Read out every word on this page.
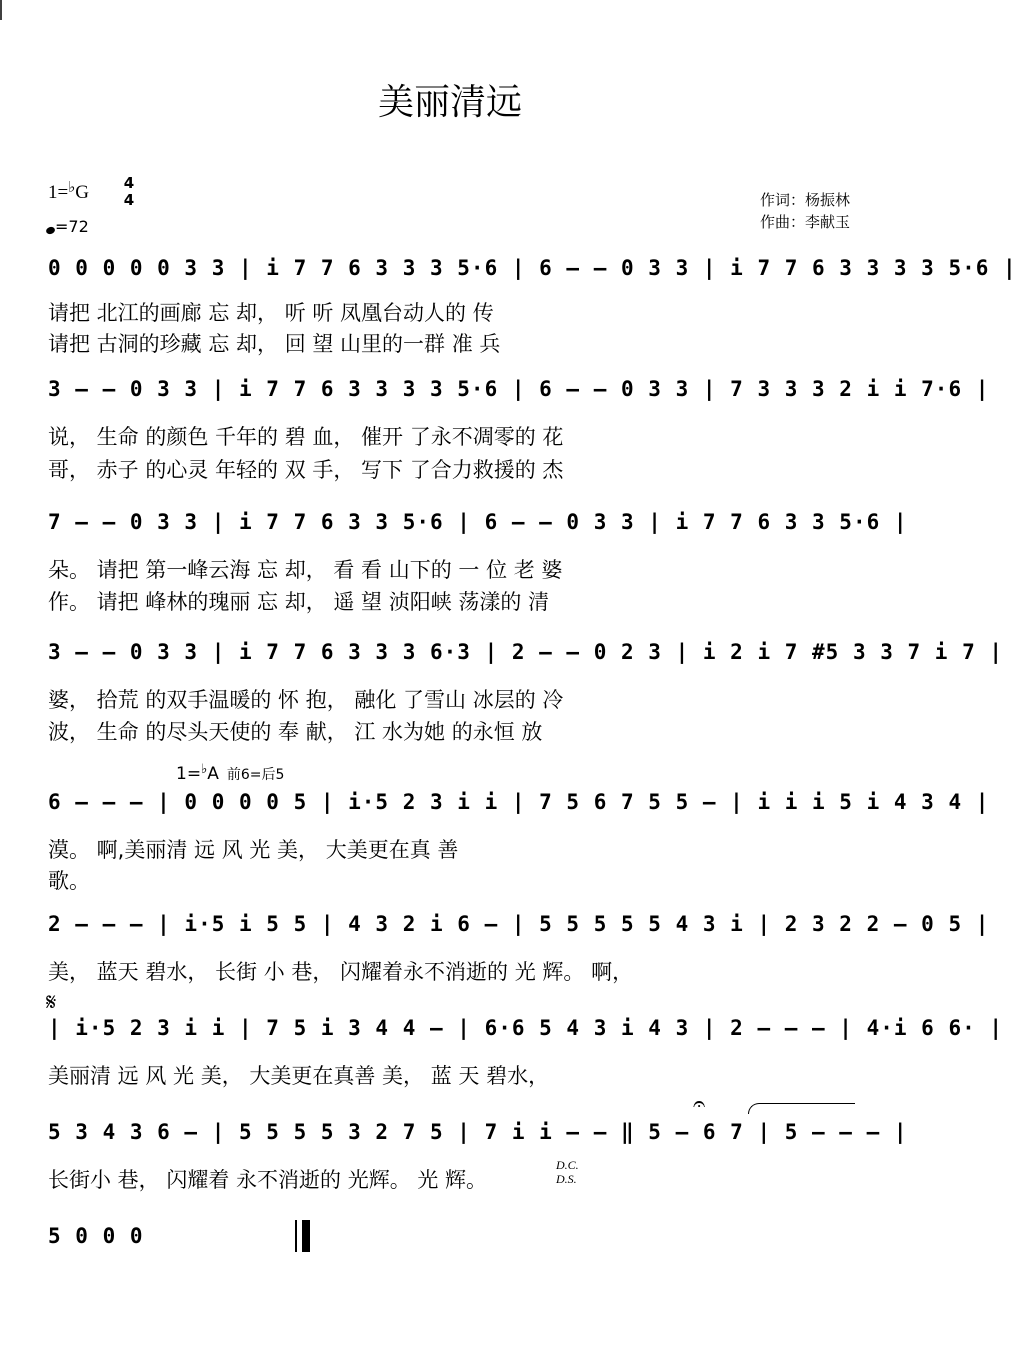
美丽清远
1=♭G 4
4
=72
作词：杨振林
作曲：李献玉
0 0 0 0 0 3 3 | i 7 7 6 3 3 3 5·6 | 6 – – 0 3 3 | i 7 7 6 3 3 3 3 5·6 |
请把 北江的画廊 忘 却， 听 听 凤凰台动人的 传
请把 古洞的珍藏 忘 却， 回 望 山里的一群 准 兵
3 – – 0 3 3 | i 7 7 6 3 3 3 3 5·6 | 6 – – 0 3 3 | 7 3 3 3 2 i i 7·6 |
说， 生命 的颜色 千年的 碧 血， 催开 了永不凋零的 花
哥， 赤子 的心灵 年轻的 双 手， 写下 了合力救援的 杰
7 – – 0 3 3 | i 7 7 6 3 3 5·6 | 6 – – 0 3 3 | i 7 7 6 3 3 5·6 |
朵。 请把 第一峰云海 忘 却， 看 看 山下的 一 位 老 婆
作。 请把 峰林的瑰丽 忘 却， 遥 望 浈阳峡 荡漾的 清
3 – – 0 3 3 | i 7 7 6 3 3 3 6·3 | 2 – – 0 2 3 | i 2 i 7 #5 3 3 7 i 7 |
婆， 拾荒 的双手温暖的 怀 抱， 融化 了雪山 冰层的 冷
波， 生命 的尽头天使的 奉 献， 江 水为她 的永恒 放
1=♭A 前6=后5
6 – – – | 0 0 0 0 5 | i·5 2 3 i i | 7 5 6 7 5 5 – | i i i 5 i 4 3 4 |
漠。 啊,美丽清 远 风 光 美， 大美更在真 善
歌。
2 – – – | i·5 i 5 5 | 4 3 2 i 6 – | 5 5 5 5 5 4 3 i | 2 3 2 2 – 0 5 |
美， 蓝天 碧水， 长街 小 巷， 闪耀着永不消逝的 光 辉。 啊，
𝄋
| i·5 2 3 i i | 7 5 i 3 4 4 – | 6·6 5 4 3 i 4 3 | 2 – – – | 4·i 6 6· |
美丽清 远 风 光 美， 大美更在真善 美， 蓝 天 碧水，
𝄐
5 3 4 3 6 – | 5 5 5 5 3 2 7 5 | 7 i i – – ‖ 5 – 6 7 | 5 – – – |
长街小 巷， 闪耀着 永不消逝的 光辉。 光 辉。
D.C.
D.S.
5 0 0 0
